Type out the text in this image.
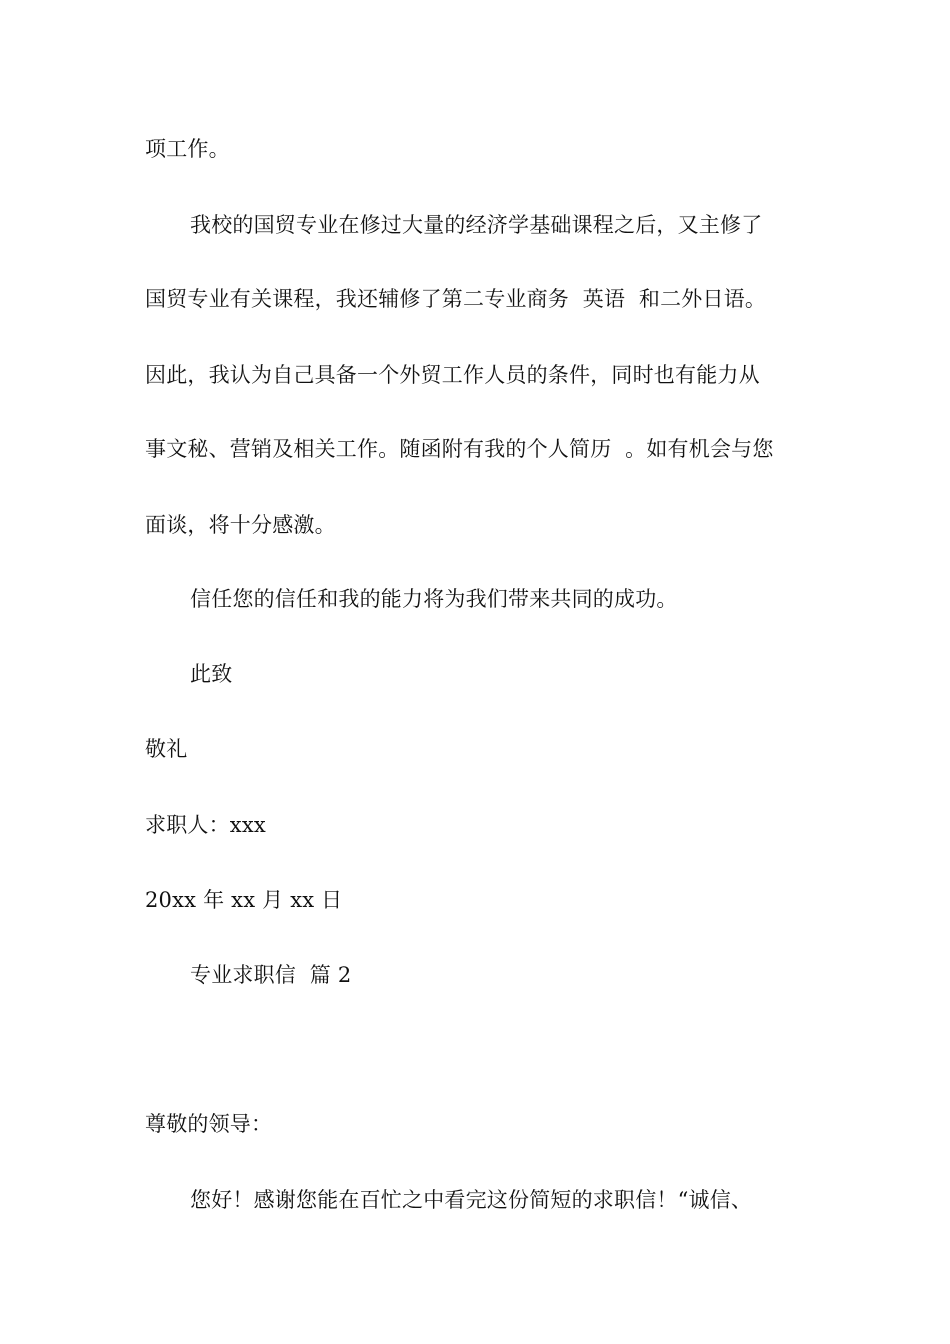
项工作。
我校的国贸专业在修过大量的经济学基础课程之后，又主修了
国贸专业有关课程，我还辅修了第二专业商务  英语  和二外日语。
因此，我认为自己具备一个外贸工作人员的条件，同时也有能力从
事文秘、营销及相关工作。随函附有我的个人简历  。如有机会与您
面谈，将十分感激。
信任您的信任和我的能力将为我们带来共同的成功。
此致
敬礼
求职人：xxx
20xx 年 xx 月 xx 日
专业求职信  篇 2
尊敬的领导：
您好！感谢您能在百忙之中看完这份简短的求职信！“诚信、
